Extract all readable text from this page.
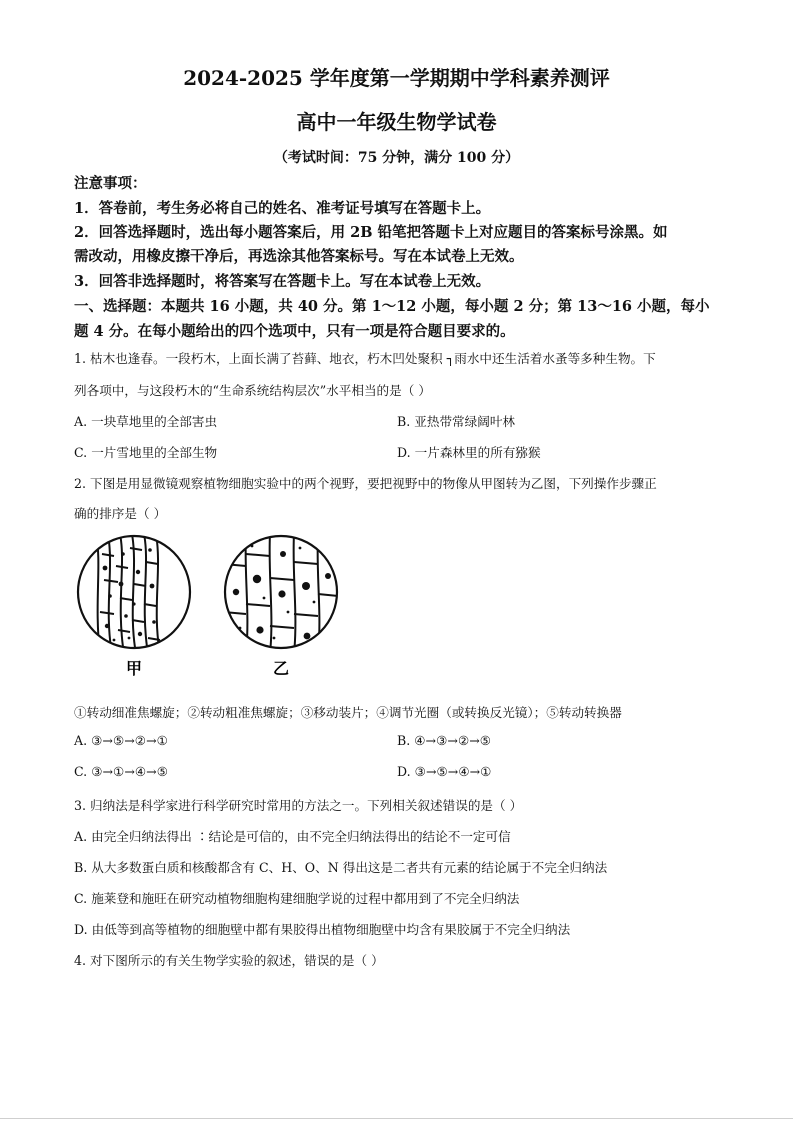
2024-2025 学年度第一学期期中学科素养测评
高中一年级生物学试卷
（考试时间：75 分钟，满分 100 分）
注意事项：
1．答卷前，考生务必将自己的姓名、准考证号填写在答题卡上。
2．回答选择题时，选出每小题答案后，用 2B 铅笔把答题卡上对应题目的答案标号涂黑。如
需改动，用橡皮擦干净后，再选涂其他答案标号。写在本试卷上无效。
3．回答非选择题时，将答案写在答题卡上。写在本试卷上无效。
一、选择题：本题共 16 小题，共 40 分。第 1～12 小题，每小题 2 分；第 13～16 小题，每小
题 4 分。在每小题给出的四个选项中，只有一项是符合题目要求的。
1. 枯木也逢春。一段朽木，上面长满了苔藓、地衣，朽木凹处聚积 ┐雨水中还生活着水蚤等多种生物。下
列各项中，与这段朽木的“生命系统结构层次”水平相当的是（ ）
A. 一块草地里的全部害虫	B. 亚热带常绿阔叶林
C. 一片雪地里的全部生物	D. 一片森林里的所有猕猴
2. 下图是用显微镜观察植物细胞实验中的两个视野，要把视野中的物像从甲图转为乙图，下列操作步骤正
确的排序是（ ）
甲	乙
①转动细准焦螺旋；②转动粗准焦螺旋；③移动装片；④调节光圈（或转换反光镜）；⑤转动转换器
A. ③→⑤→②→①	B. ④→③→②→⑤
C. ③→①→④→⑤	D. ③→⑤→④→①
3. 归纳法是科学家进行科学研究时常用的方法之一。下列相关叙述错误的是（ ）
A. 由完全归纳法得出 ∶结论是可信的，由不完全归纳法得出的结论不一定可信
B. 从大多数蛋白质和核酸都含有 C、H、O、N 得出这是二者共有元素的结论属于不完全归纳法
C. 施莱登和施旺在研究动植物细胞构建细胞学说的过程中都用到了不完全归纳法
D. 由低等到高等植物的细胞壁中都有果胶得出植物细胞壁中均含有果胶属于不完全归纳法
4. 对下图所示的有关生物学实验的叙述，错误的是（ ）
